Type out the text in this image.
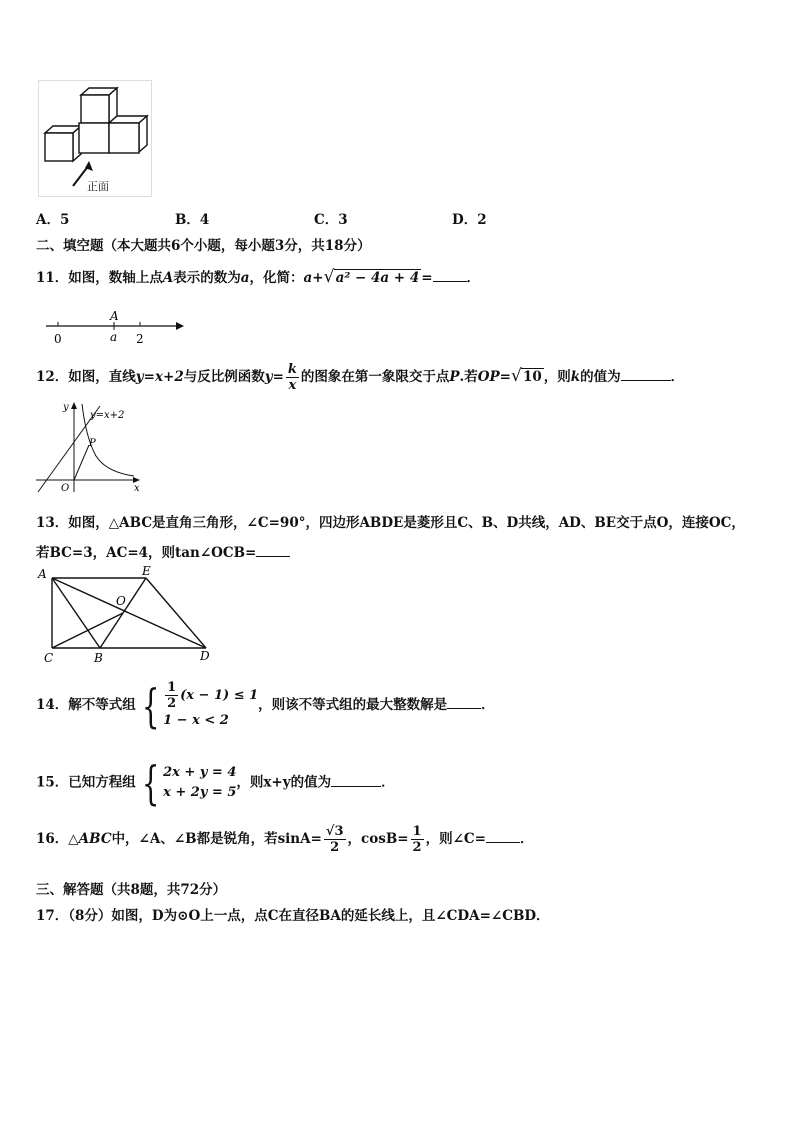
正面
A．5	B．4	C．3	D．2
二、填空题（本大题共6个小题，每小题3分，共18分）
11．如图，数轴上点A表示的数为a，化简：a+ √ a² − 4a + 4 =	．
0
A
a 2
12．如图，直线y=x+2与反比例函数$y= \frac{k}{x}$ 的图象在第一象限交于点P.若OP= √ 10 ，则k的值为	．
y
x
O
P
y=x+2
13．如图，△ABC是直角三角形，∠C=90°，四边形ABDE是菱形且C、B、D共线，AD、BE交于点O，连接OC，
若BC=3，AC=4，则tan∠OCB=
A	E
O
C	B	D
14．解不等式组 { $\frac{1}{2} (x - 1) \le 1$
1 − x < 2
，则该不等式组的最大整数解是	．
15．已知方程组 { 2x + y = 4
x + 2y = 5
，则x+y的值为	．
16．△ABC中，∠A、∠B都是锐角，若$\sin A= \frac{√3}{2}$ ，$\cos B= \frac{1}{2}$ ，则∠C=	．
三、解答题（共8题，共72分）
17．（8分）如图，D为⊙O上一点，点C在直径BA的延长线上，且∠CDA=∠CBD．
